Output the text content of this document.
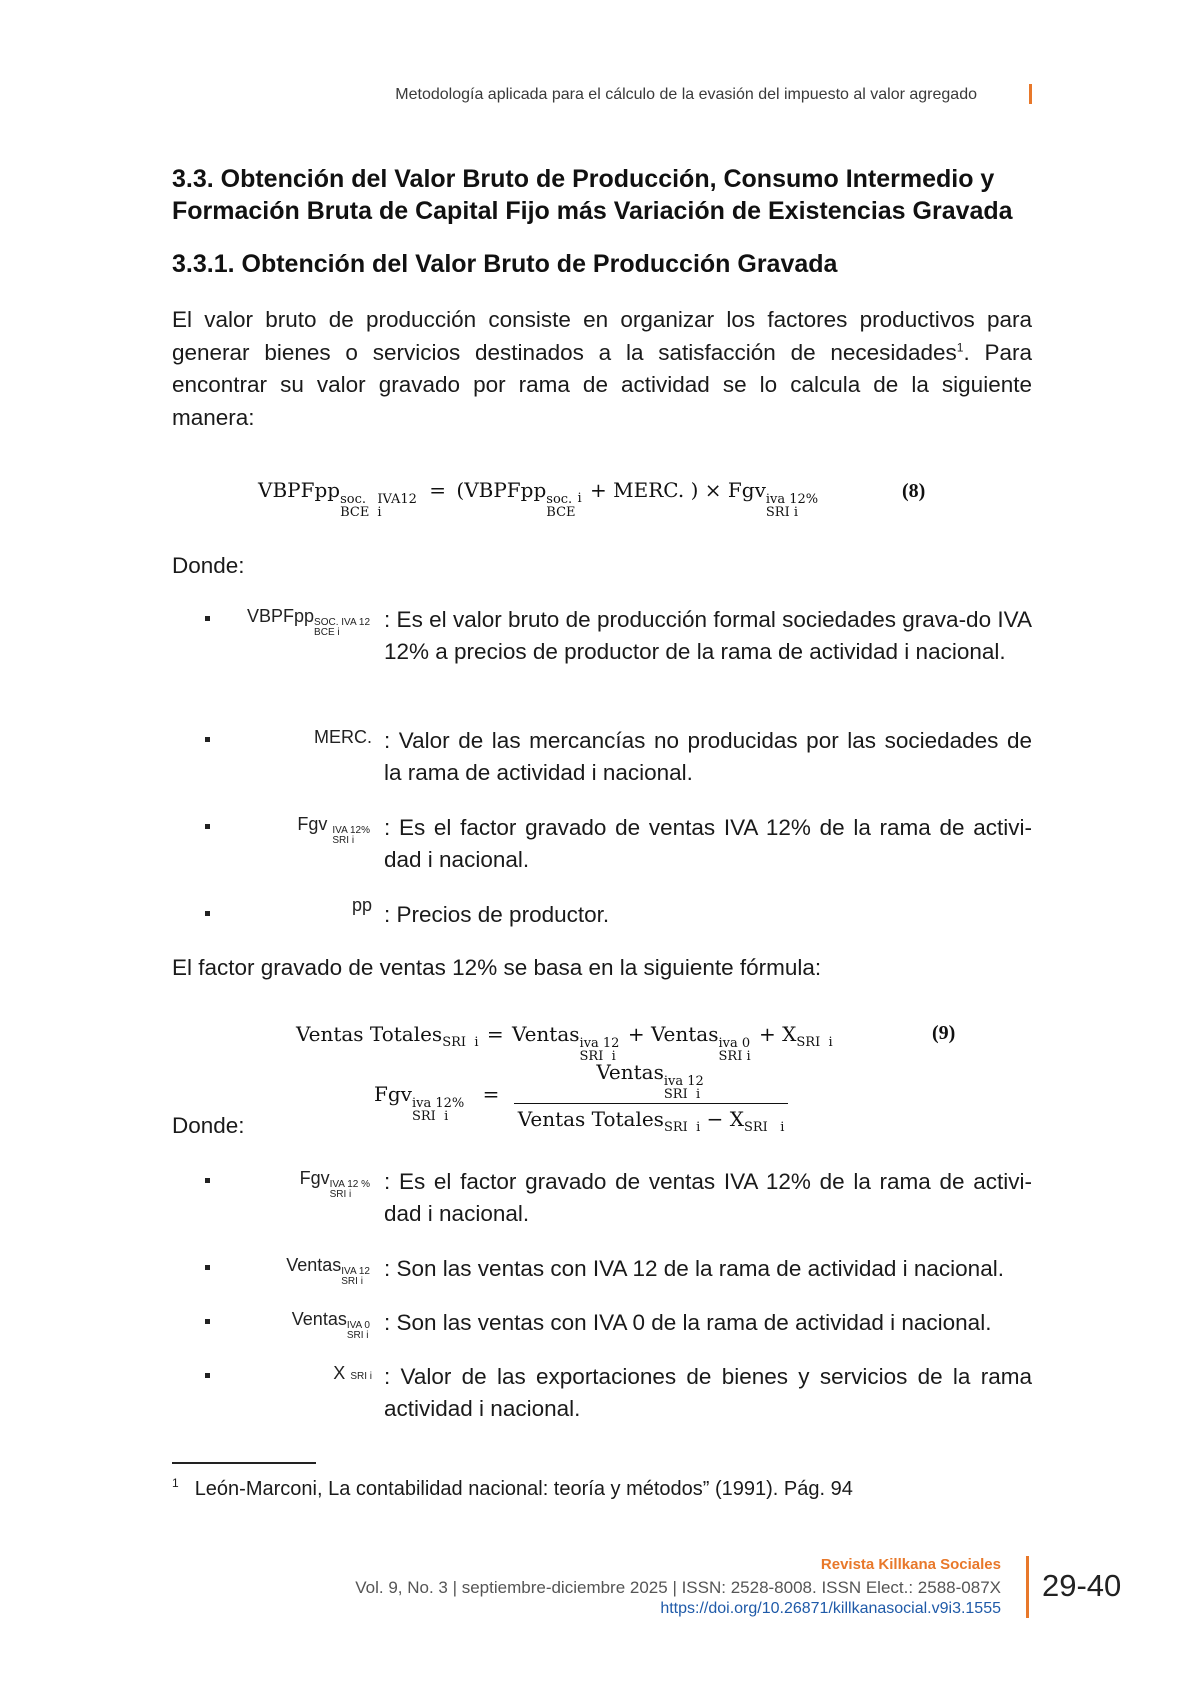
Metodología aplicada para el cálculo de la evasión del impuesto al valor agregado
3.3. Obtención del Valor Bruto de Producción, Consumo Intermedio y
Formación Bruta de Capital Fijo más Variación de Existencias Gravada
3.3.1. Obtención del Valor Bruto de Producción Gravada
El valor bruto de producción consiste en organizar los factores productivos para generar bienes o servicios destinados a la satisfacción de necesidades$^1$. Para encontrar su valor gravado por rama de actividad se lo calcula de la siguiente manera:
VBPFpp soc.
BCE
IVA12
i
= (VBPFpp soc.
BCE
$_i$ + MERC. ) × Fgv iva 12%
SRI i
(8)
Donde:
VBPFpp SOC. IVA 12
BCE i
: Es el valor bruto de producción formal sociedades grava-do IVA 12% a precios de productor de la rama de actividad i nacional.
MERC. : Valor de las mercancías no producidas por las sociedades de la rama de actividad i nacional.
Fgv IVA 12%
SRI i
: Es el factor gravado de ventas IVA 12% de la rama de activi-dad i nacional.
pp : Precios de productor.
El factor gravado de ventas 12% se basa en la siguiente fórmula:
Ventas Totales$_{SRI i}$ = Ventas iva 12
SRI i
+ Ventas iva 0
SRI i
+ $X_{SRI i}$	(9)
Fgv iva 12%
SRI i
= Ventas iva 12
SRI i
Ventas Totales$_{SRI i}$ − $X_{SRI i}$
Donde:
Fgv IVA 12 %
SRI i
: Es el factor gravado de ventas IVA 12% de la rama de activi-dad i nacional.
Ventas IVA 12
SRI i
: Son las ventas con IVA 12 de la rama de actividad i nacional.
Ventas IVA 0
SRI i
: Son las ventas con IVA 0 de la rama de actividad i nacional.
X SRI i : Valor de las exportaciones de bienes y servicios de la rama actividad i nacional.
$^1$ León-Marconi, La contabilidad nacional: teoría y métodos” (1991). Pág. 94
Revista Killkana Sociales
Vol. 9, No. 3 | septiembre-diciembre 2025 | ISSN: 2528-8008. ISSN Elect.: 2588-087X
https://doi.org/10.26871/killkanasocial.v9i3.1555
29-40
